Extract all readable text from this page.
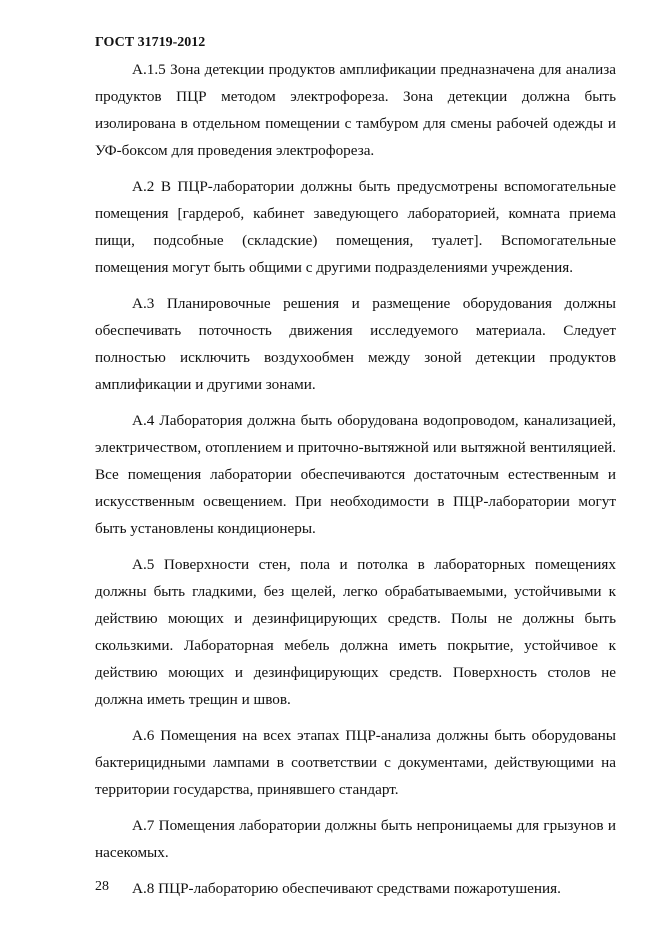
ГОСТ 31719-2012

А.1.5 Зона детекции продуктов амплификации предназначена для анализа продуктов ПЦР методом электрофореза. Зона детекции должна быть изолирована в отдельном помещении с тамбуром для смены рабочей одежды и УФ-боксом для проведения электрофореза.

А.2 В ПЦР-лаборатории должны быть предусмотрены вспомогательные помещения [гардероб, кабинет заведующего лабораторией, комната приема пищи, подсобные (складские) помещения, туалет]. Вспомогательные помещения могут быть общими с другими подразделениями учреждения.

А.3 Планировочные решения и размещение оборудования должны обеспечивать поточность движения исследуемого материала. Следует полностью исключить воздухообмен между зоной детекции продуктов амплификации и другими зонами.

А.4 Лаборатория должна быть оборудована водопроводом, канализацией, электричеством, отоплением и приточно-вытяжной или вытяжной вентиляцией. Все помещения лаборатории обеспечиваются достаточным естественным и искусственным освещением. При необходимости в ПЦР-лаборатории могут быть установлены кондиционеры.

А.5 Поверхности стен, пола и потолка в лабораторных помещениях должны быть гладкими, без щелей, легко обрабатываемыми, устойчивыми к действию моющих и дезинфицирующих средств. Полы не должны быть скользкими. Лабораторная мебель должна иметь покрытие, устойчивое к действию моющих и дезинфицирующих средств. Поверхность столов не должна иметь трещин и швов.

А.6 Помещения на всех этапах ПЦР-анализа должны быть оборудованы бактерицидными лампами в соответствии с документами, действующими на территории государства, принявшего стандарт.

А.7 Помещения лаборатории должны быть непроницаемы для грызунов и насекомых.

А.8 ПЦР-лабораторию обеспечивают средствами пожаротушения.

28
